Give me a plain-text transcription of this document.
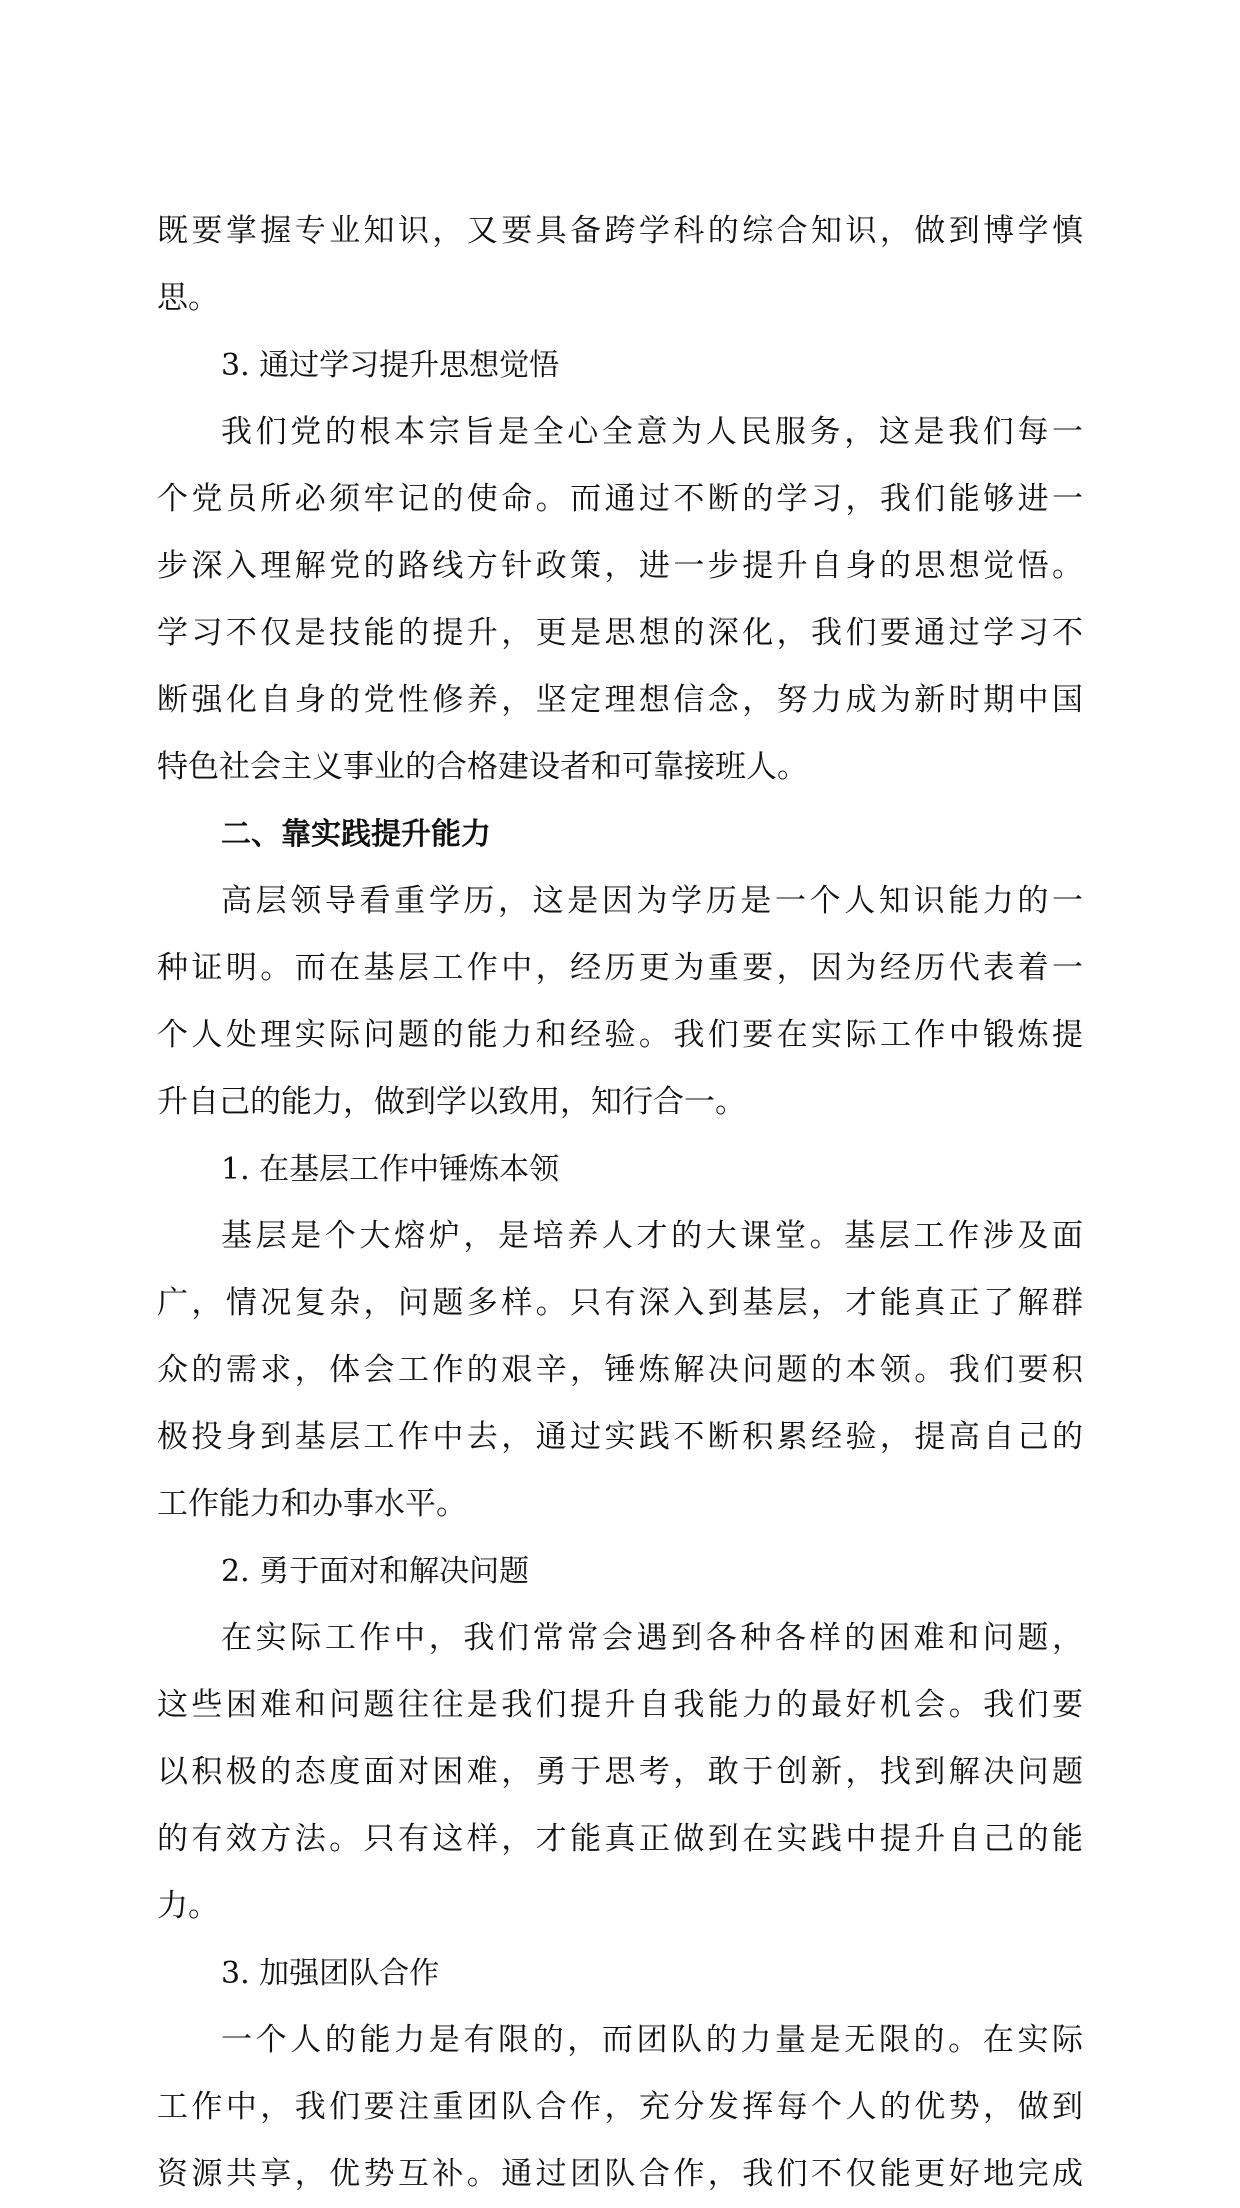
既要掌握专业知识，又要具备跨学科的综合知识，做到博学慎
思。
3. 通过学习提升思想觉悟
我们党的根本宗旨是全心全意为人民服务，这是我们每一
个党员所必须牢记的使命。而通过不断的学习，我们能够进一
步深入理解党的路线方针政策，进一步提升自身的思想觉悟。
学习不仅是技能的提升，更是思想的深化，我们要通过学习不
断强化自身的党性修养，坚定理想信念，努力成为新时期中国
特色社会主义事业的合格建设者和可靠接班人。
二、靠实践提升能力
高层领导看重学历，这是因为学历是一个人知识能力的一
种证明。而在基层工作中，经历更为重要，因为经历代表着一
个人处理实际问题的能力和经验。我们要在实际工作中锻炼提
升自己的能力，做到学以致用，知行合一。
1. 在基层工作中锤炼本领
基层是个大熔炉，是培养人才的大课堂。基层工作涉及面
广，情况复杂，问题多样。只有深入到基层，才能真正了解群
众的需求，体会工作的艰辛，锤炼解决问题的本领。我们要积
极投身到基层工作中去，通过实践不断积累经验，提高自己的
工作能力和办事水平。
2. 勇于面对和解决问题
在实际工作中，我们常常会遇到各种各样的困难和问题，
这些困难和问题往往是我们提升自我能力的最好机会。我们要
以积极的态度面对困难，勇于思考，敢于创新，找到解决问题
的有效方法。只有这样，才能真正做到在实践中提升自己的能
力。
3. 加强团队合作
一个人的能力是有限的，而团队的力量是无限的。在实际
工作中，我们要注重团队合作，充分发挥每个人的优势，做到
资源共享，优势互补。通过团队合作，我们不仅能更好地完成
